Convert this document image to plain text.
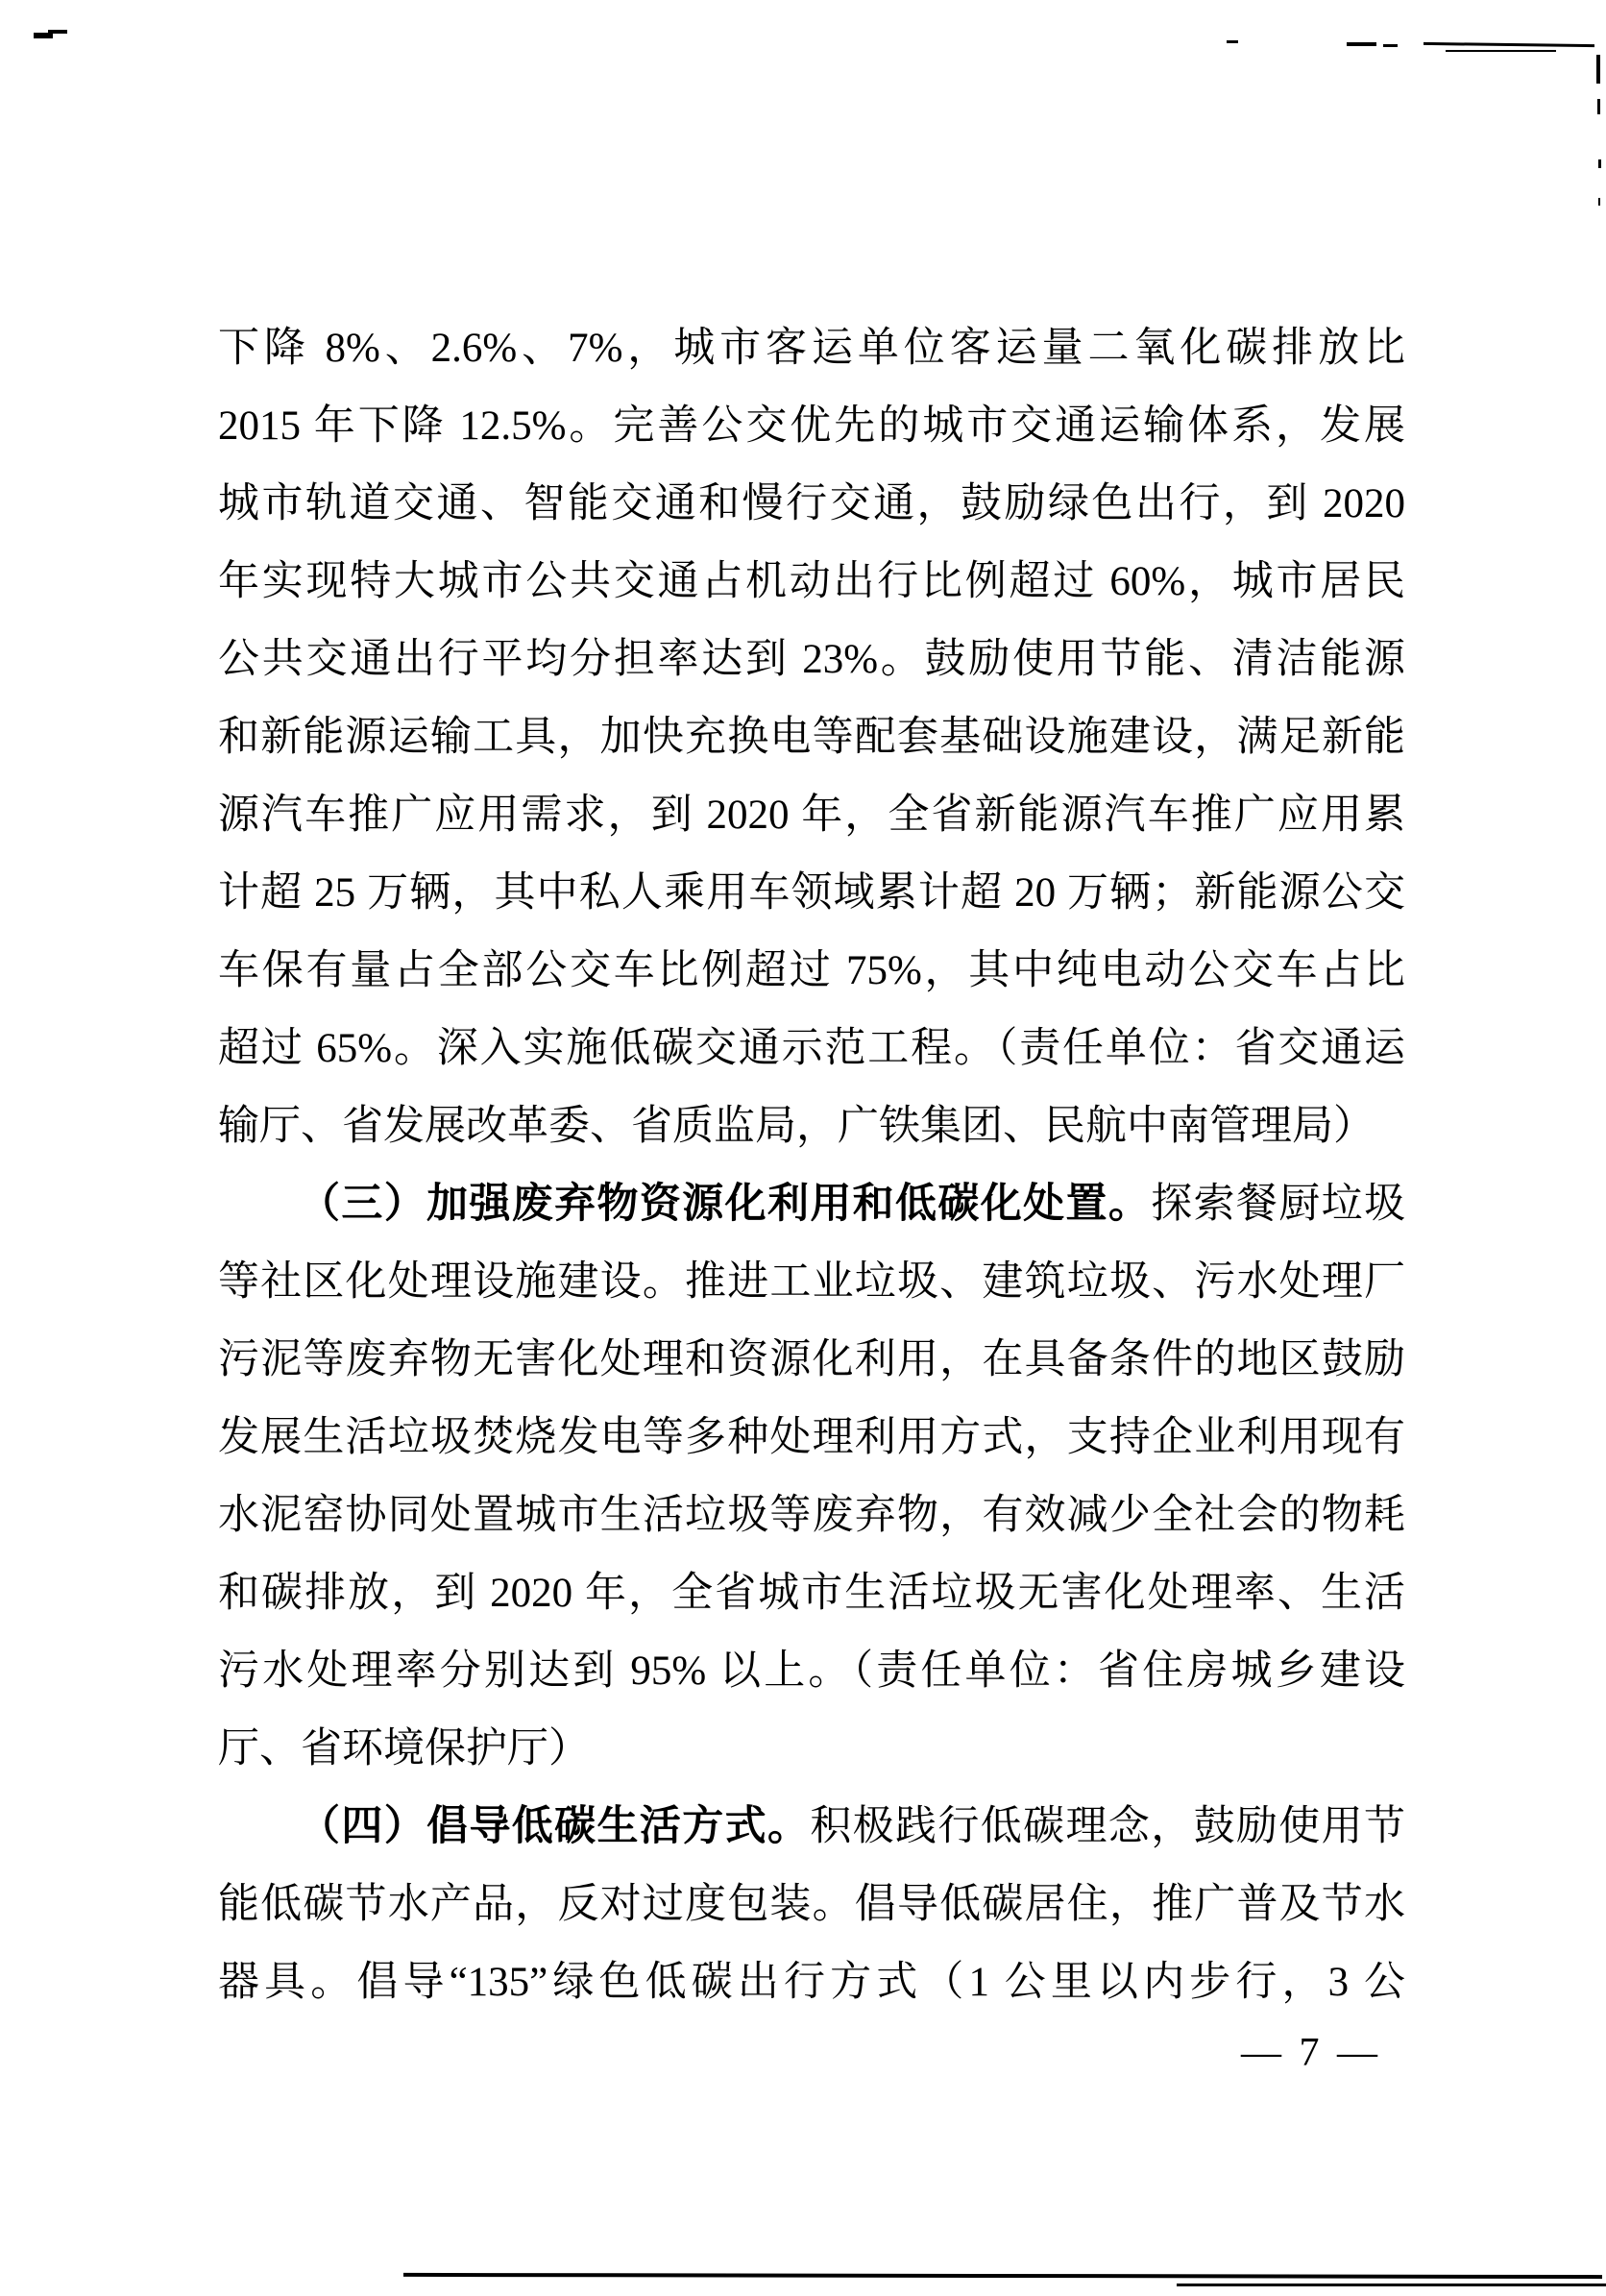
下降 8%、2.6%、7%，城市客运单位客运量二氧化碳排放比
2015 年下降 12.5%。完善公交优先的城市交通运输体系，发展
城市轨道交通、智能交通和慢行交通，鼓励绿色出行，到 2020
年实现特大城市公共交通占机动出行比例超过 60%，城市居民
公共交通出行平均分担率达到 23%。鼓励使用节能、清洁能源
和新能源运输工具，加快充换电等配套基础设施建设，满足新能
源汽车推广应用需求，到 2020 年，全省新能源汽车推广应用累
计超 25 万辆，其中私人乘用车领域累计超 20 万辆；新能源公交
车保有量占全部公交车比例超过 75%，其中纯电动公交车占比
超过 65%。深入实施低碳交通示范工程。（责任单位：省交通运
输厅、省发展改革委、省质监局，广铁集团、民航中南管理局）
（三）加强废弃物资源化利用和低碳化处置。探索餐厨垃圾
等社区化处理设施建设。推进工业垃圾、建筑垃圾、污水处理厂
污泥等废弃物无害化处理和资源化利用，在具备条件的地区鼓励
发展生活垃圾焚烧发电等多种处理利用方式，支持企业利用现有
水泥窑协同处置城市生活垃圾等废弃物，有效减少全社会的物耗
和碳排放，到 2020 年，全省城市生活垃圾无害化处理率、生活
污水处理率分别达到 95% 以上。（责任单位：省住房城乡建设
厅、省环境保护厅）
（四）倡导低碳生活方式。积极践行低碳理念，鼓励使用节
能低碳节水产品，反对过度包装。倡导低碳居住，推广普及节水
器具。倡导“135”绿色低碳出行方式（1 公里以内步行，3 公
— 7 —
